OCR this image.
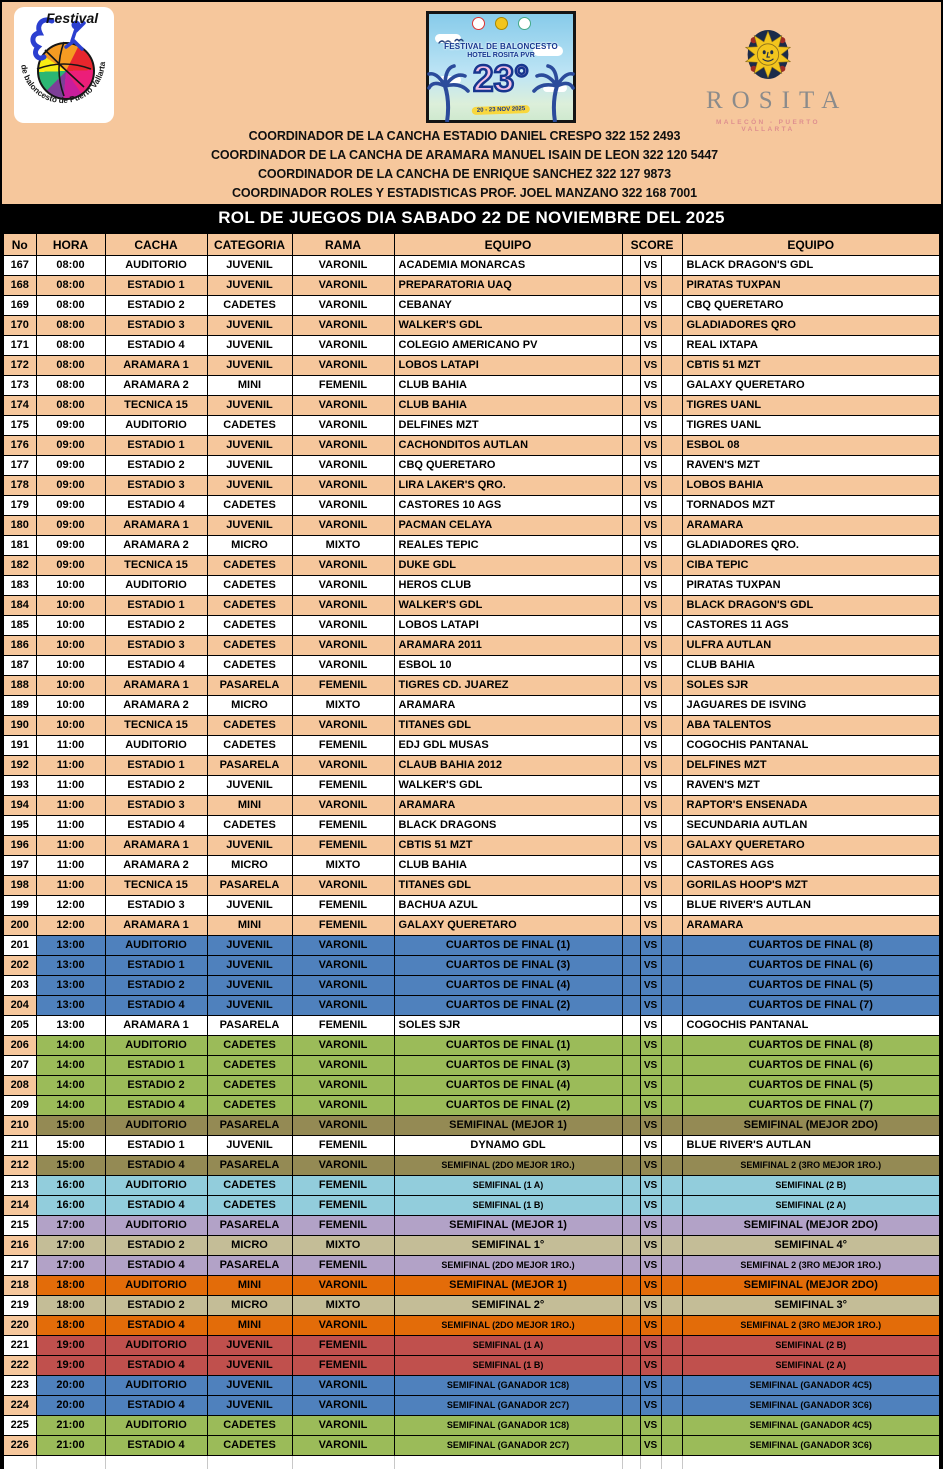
de baloncesto de Puerto Vallarta
Festival
FESTIVAL DE BALONCESTO
HOTEL ROSITA PVR
23°
20 - 23 NOV 2025	ROSITA
MALECÓN - PUERTO VALLARTA
COORDINADOR DE LA CANCHA ESTADIO DANIEL CRESPO 322 152 2493
COORDINADOR DE LA CANCHA DE ARAMARA MANUEL ISAIN DE LEON 322 120 5447
COORDINADOR DE LA CANCHA DE ENRIQUE SANCHEZ 322 127 9873
COORDINADOR ROLES Y ESTADISTICAS PROF. JOEL MANZANO 322 168 7001
ROL DE JUEGOS DIA SABADO 22 DE NOVIEMBRE DEL 2025
No	HORA	CACHA	CATEGORIA	RAMA	EQUIPO	SCORE			EQUIPO
167	08:00	AUDITORIO	JUVENIL	VARONIL	ACADEMIA MONARCAS		VS		BLACK DRAGON'S GDL
168	08:00	ESTADIO 1	JUVENIL	VARONIL	PREPARATORIA UAQ		VS		PIRATAS TUXPAN
169	08:00	ESTADIO 2	CADETES	VARONIL	CEBANAY		VS		CBQ QUERETARO
170	08:00	ESTADIO 3	JUVENIL	VARONIL	WALKER'S GDL		VS		GLADIADORES QRO
171	08:00	ESTADIO 4	JUVENIL	VARONIL	COLEGIO AMERICANO PV		VS		REAL IXTAPA
172	08:00	ARAMARA 1	JUVENIL	VARONIL	LOBOS LATAPI		VS		CBTIS 51 MZT
173	08:00	ARAMARA 2	MINI	FEMENIL	CLUB BAHIA		VS		GALAXY QUERETARO
174	08:00	TECNICA 15	JUVENIL	VARONIL	CLUB BAHIA		VS		TIGRES UANL
175	09:00	AUDITORIO	CADETES	VARONIL	DELFINES MZT		VS		TIGRES UANL
176	09:00	ESTADIO 1	JUVENIL	VARONIL	CACHONDITOS AUTLAN		VS		ESBOL 08
177	09:00	ESTADIO 2	JUVENIL	VARONIL	CBQ QUERETARO		VS		RAVEN'S MZT
178	09:00	ESTADIO 3	JUVENIL	VARONIL	LIRA LAKER'S QRO.		VS		LOBOS BAHIA
179	09:00	ESTADIO 4	CADETES	VARONIL	CASTORES 10 AGS		VS		TORNADOS MZT
180	09:00	ARAMARA 1	JUVENIL	VARONIL	PACMAN CELAYA		VS		ARAMARA
181	09:00	ARAMARA 2	MICRO	MIXTO	REALES TEPIC		VS		GLADIADORES QRO.
182	09:00	TECNICA 15	CADETES	VARONIL	DUKE GDL		VS		CIBA TEPIC
183	10:00	AUDITORIO	CADETES	VARONIL	HEROS CLUB		VS		PIRATAS TUXPAN
184	10:00	ESTADIO 1	CADETES	VARONIL	WALKER'S GDL		VS		BLACK DRAGON'S GDL
185	10:00	ESTADIO 2	CADETES	VARONIL	LOBOS LATAPI		VS		CASTORES 11 AGS
186	10:00	ESTADIO 3	CADETES	VARONIL	ARAMARA 2011		VS		ULFRA AUTLAN
187	10:00	ESTADIO 4	CADETES	VARONIL	ESBOL 10		VS		CLUB BAHIA
188	10:00	ARAMARA 1	PASARELA	FEMENIL	TIGRES CD. JUAREZ		VS		SOLES SJR
189	10:00	ARAMARA 2	MICRO	MIXTO	ARAMARA		VS		JAGUARES DE ISVING
190	10:00	TECNICA 15	CADETES	VARONIL	TITANES GDL		VS		ABA TALENTOS
191	11:00	AUDITORIO	CADETES	FEMENIL	EDJ GDL MUSAS		VS		COGOCHIS PANTANAL
192	11:00	ESTADIO 1	PASARELA	VARONIL	CLAUB BAHIA 2012		VS		DELFINES MZT
193	11:00	ESTADIO 2	JUVENIL	FEMENIL	WALKER'S GDL		VS		RAVEN'S MZT
194	11:00	ESTADIO 3	MINI	VARONIL	ARAMARA		VS		RAPTOR'S ENSENADA
195	11:00	ESTADIO 4	CADETES	FEMENIL	BLACK DRAGONS		VS		SECUNDARIA AUTLAN
196	11:00	ARAMARA 1	JUVENIL	FEMENIL	CBTIS 51 MZT		VS		GALAXY QUERETARO
197	11:00	ARAMARA 2	MICRO	MIXTO	CLUB BAHIA		VS		CASTORES AGS
198	11:00	TECNICA 15	PASARELA	VARONIL	TITANES GDL		VS		GORILAS HOOP'S MZT
199	12:00	ESTADIO 3	JUVENIL	FEMENIL	BACHUA AZUL		VS		BLUE RIVER'S AUTLAN
200	12:00	ARAMARA 1	MINI	FEMENIL	GALAXY QUERETARO		VS		ARAMARA
201	13:00	AUDITORIO	JUVENIL	VARONIL	CUARTOS DE FINAL (1)		VS		CUARTOS DE FINAL (8)
202	13:00	ESTADIO 1	JUVENIL	VARONIL	CUARTOS DE FINAL (3)		VS		CUARTOS DE FINAL (6)
203	13:00	ESTADIO 2	JUVENIL	VARONIL	CUARTOS DE FINAL (4)		VS		CUARTOS DE FINAL (5)
204	13:00	ESTADIO 4	JUVENIL	VARONIL	CUARTOS DE FINAL (2)		VS		CUARTOS DE FINAL (7)
205	13:00	ARAMARA 1	PASARELA	FEMENIL	SOLES SJR		VS		COGOCHIS PANTANAL
206	14:00	AUDITORIO	CADETES	VARONIL	CUARTOS DE FINAL (1)		VS		CUARTOS DE FINAL (8)
207	14:00	ESTADIO 1	CADETES	VARONIL	CUARTOS DE FINAL (3)		VS		CUARTOS DE FINAL (6)
208	14:00	ESTADIO 2	CADETES	VARONIL	CUARTOS DE FINAL (4)		VS		CUARTOS DE FINAL (5)
209	14:00	ESTADIO 4	CADETES	VARONIL	CUARTOS DE FINAL (2)		VS		CUARTOS DE FINAL (7)
210	15:00	AUDITORIO	PASARELA	VARONIL	SEMIFINAL (MEJOR 1)		VS		SEMIFINAL (MEJOR 2DO)
211	15:00	ESTADIO 1	JUVENIL	FEMENIL	DYNAMO GDL		VS		BLUE RIVER'S AUTLAN
212	15:00	ESTADIO 4	PASARELA	VARONIL	SEMIFINAL (2DO MEJOR 1RO.)		VS		SEMIFINAL 2 (3RO MEJOR 1RO.)
213	16:00	AUDITORIO	CADETES	FEMENIL	SEMIFINAL (1 A)		VS		SEMIFINAL (2 B)
214	16:00	ESTADIO 4	CADETES	FEMENIL	SEMIFINAL (1 B)		VS		SEMIFINAL (2 A)
215	17:00	AUDITORIO	PASARELA	FEMENIL	SEMIFINAL (MEJOR 1)		VS		SEMIFINAL (MEJOR 2DO)
216	17:00	ESTADIO 2	MICRO	MIXTO	SEMIFINAL 1°		VS		SEMIFINAL 4°
217	17:00	ESTADIO 4	PASARELA	FEMENIL	SEMIFINAL (2DO MEJOR 1RO.)		VS		SEMIFINAL 2 (3RO MEJOR 1RO.)
218	18:00	AUDITORIO	MINI	VARONIL	SEMIFINAL (MEJOR 1)		VS		SEMIFINAL (MEJOR 2DO)
219	18:00	ESTADIO 2	MICRO	MIXTO	SEMIFINAL 2°		VS		SEMIFINAL 3°
220	18:00	ESTADIO 4	MINI	VARONIL	SEMIFINAL (2DO MEJOR 1RO.)		VS		SEMIFINAL 2 (3RO MEJOR 1RO.)
221	19:00	AUDITORIO	JUVENIL	FEMENIL	SEMIFINAL (1 A)		VS		SEMIFINAL (2 B)
222	19:00	ESTADIO 4	JUVENIL	FEMENIL	SEMIFINAL (1 B)		VS		SEMIFINAL (2 A)
223	20:00	AUDITORIO	JUVENIL	VARONIL	SEMIFINAL (GANADOR 1C8)		VS		SEMIFINAL (GANADOR 4C5)
224	20:00	ESTADIO 4	JUVENIL	VARONIL	SEMIFINAL (GANADOR 2C7)		VS		SEMIFINAL (GANADOR 3C6)
225	21:00	AUDITORIO	CADETES	VARONIL	SEMIFINAL (GANADOR 1C8)		VS		SEMIFINAL (GANADOR 4C5)
226	21:00	ESTADIO 4	CADETES	VARONIL	SEMIFINAL (GANADOR 2C7)		VS		SEMIFINAL (GANADOR 3C6)
